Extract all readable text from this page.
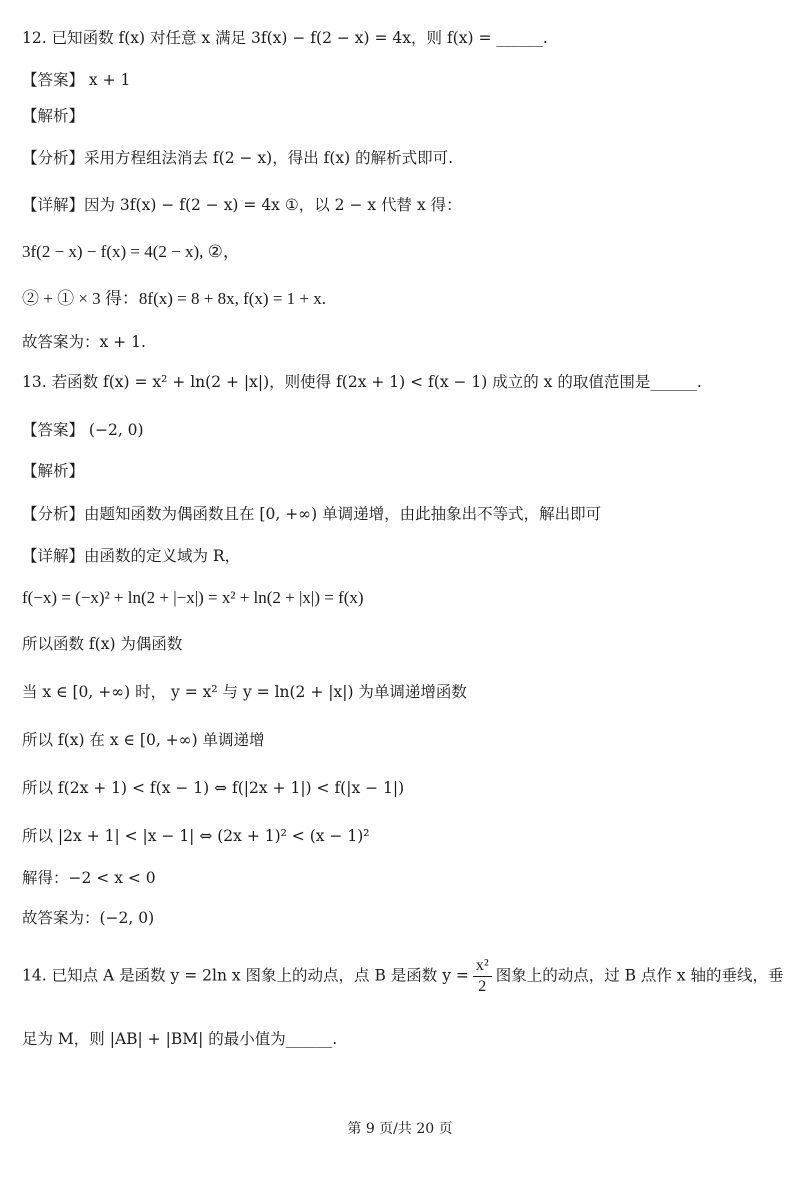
12. 已知函数 f(x) 对任意 x 满足 3f(x) − f(2 − x) = 4x，则 f(x) = ______.
【答案】 x + 1
【解析】
【分析】采用方程组法消去 f(2 − x)，得出 f(x) 的解析式即可.
【详解】因为 3f(x) − f(2 − x) = 4x ①，以 2 − x 代替 x 得：
3f(2 − x) − f(x) = 4(2 − x), ②，
② + ① × 3 得：8f(x) = 8 + 8x, f(x) = 1 + x.
故答案为：x + 1.
13. 若函数 f(x) = x² + ln(2 + |x|)，则使得 f(2x + 1) < f(x − 1) 成立的 x 的取值范围是______.
【答案】 (−2, 0)
【解析】
【分析】由题知函数为偶函数且在 [0, +∞) 单调递增，由此抽象出不等式，解出即可
【详解】由函数的定义域为 R，
f(−x) = (−x)² + ln(2 + |−x|) = x² + ln(2 + |x|) = f(x)
所以函数 f(x) 为偶函数
当 x ∈ [0, +∞) 时， y = x² 与 y = ln(2 + |x|) 为单调递增函数
所以 f(x) 在 x ∈ [0, +∞) 单调递增
所以 f(2x + 1) < f(x − 1) ⇔ f(|2x + 1|) < f(|x − 1|)
所以 |2x + 1| < |x − 1| ⇔ (2x + 1)² < (x − 1)²
解得：−2 < x < 0
故答案为：(−2, 0)
14. 已知点 A 是函数 y = 2ln x 图象上的动点，点 B 是函数 $y = \frac{\text{x²}}{2}$ 图象上的动点，过 B 点作 x 轴的垂线，垂
足为 M，则 |AB| + |BM| 的最小值为______.
第 9 页/共 20 页
